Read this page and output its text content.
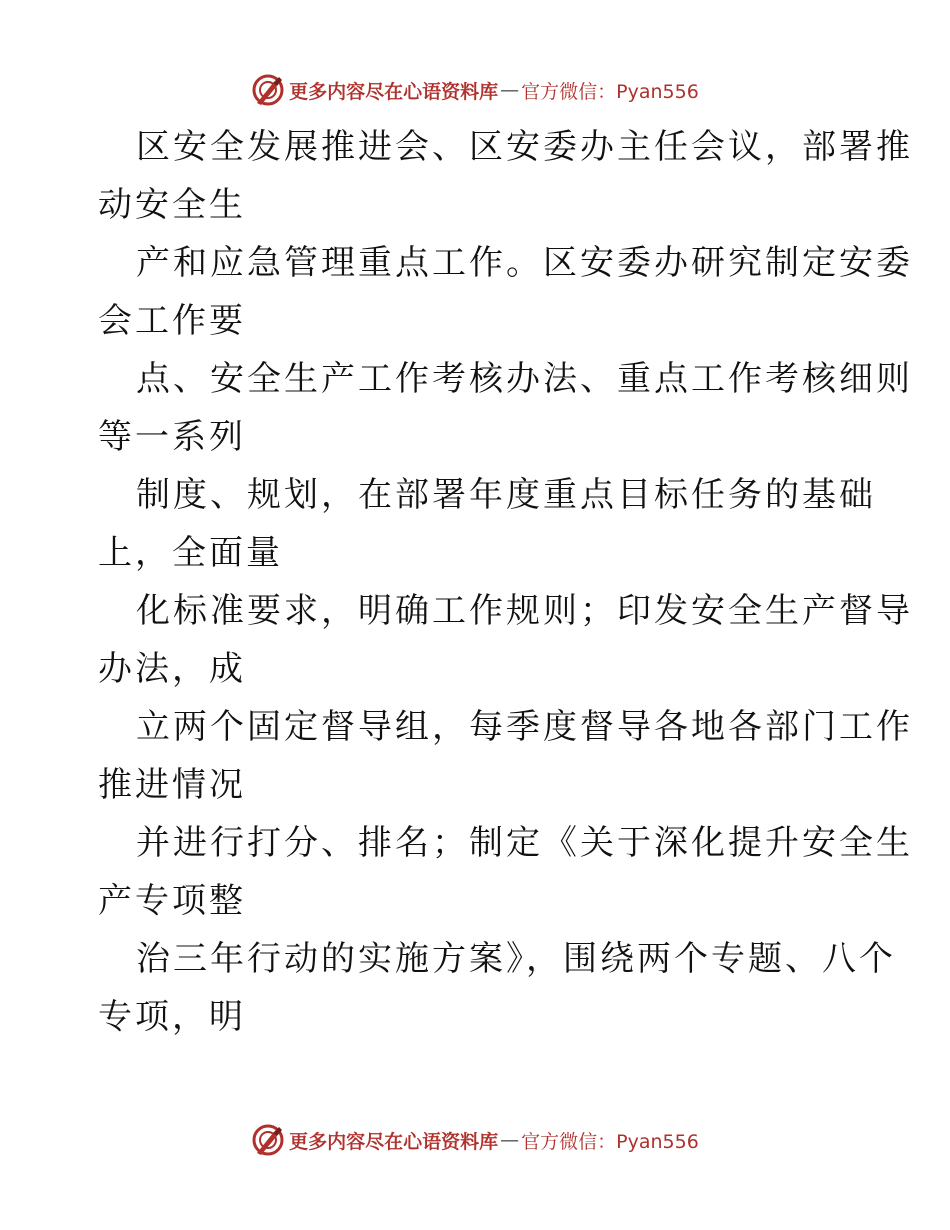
更多内容尽在心语资料库 — 官方微信：Pyan556
区安全发展推进会、区安委办主任会议，部署推
动安全生
产和应急管理重点工作。区安委办研究制定安委
会工作要
点、安全生产工作考核办法、重点工作考核细则
等一系列
制度、规划，在部署年度重点目标任务的基础
上，全面量
化标准要求，明确工作规则；印发安全生产督导
办法，成
立两个固定督导组，每季度督导各地各部门工作
推进情况
并进行打分、排名；制定《关于深化提升安全生
产专项整
治三年行动的实施方案》，围绕两个专题、八个
专项，明
更多内容尽在心语资料库 — 官方微信：Pyan556
